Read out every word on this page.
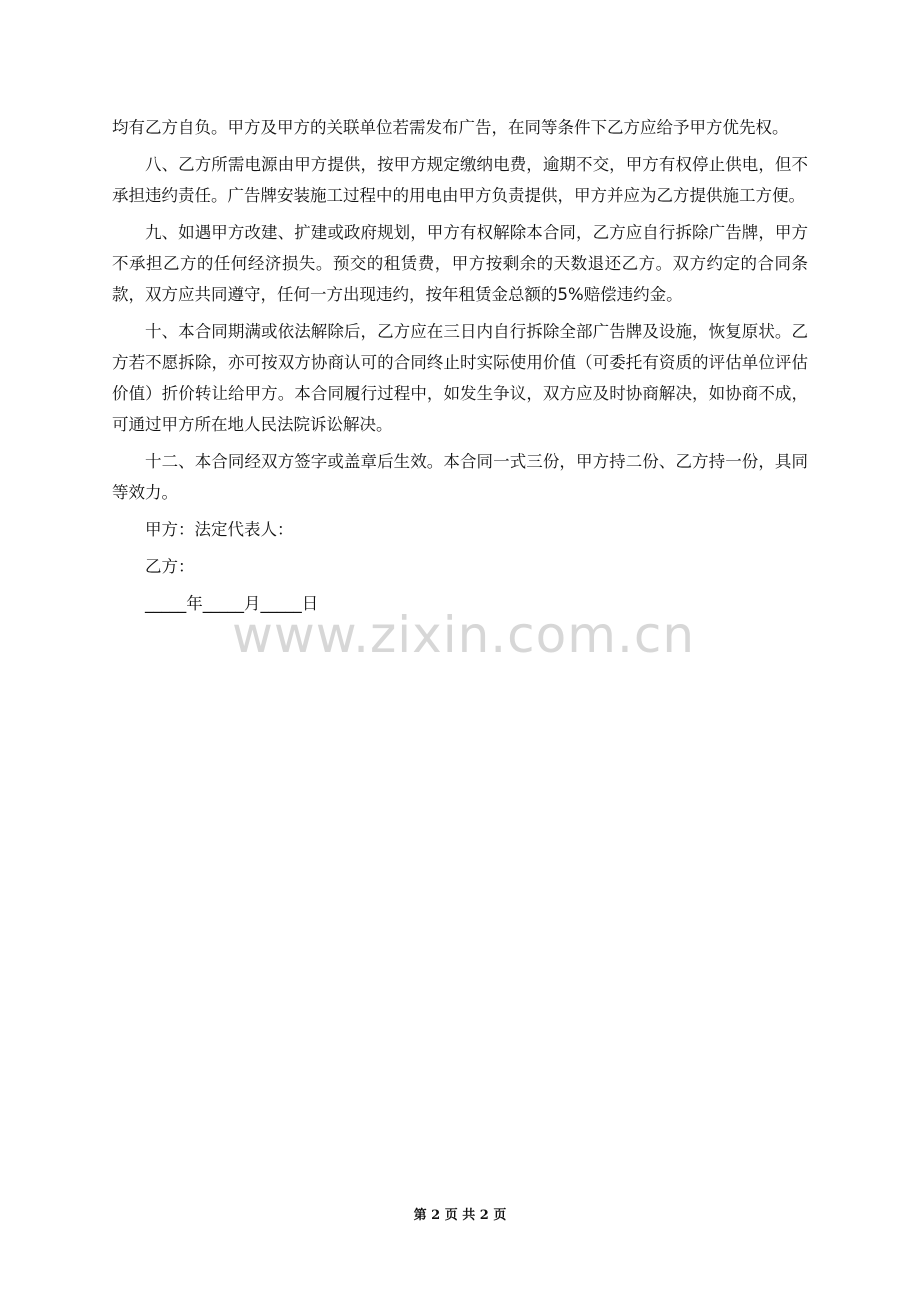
均有乙方自负。甲方及甲方的关联单位若需发布广告，在同等条件下乙方应给予甲方优先权。

八、乙方所需电源由甲方提供，按甲方规定缴纳电费，逾期不交，甲方有权停止供电，但不承担违约责任。广告牌安装施工过程中的用电由甲方负责提供，甲方并应为乙方提供施工方便。

九、如遇甲方改建、扩建或政府规划，甲方有权解除本合同，乙方应自行拆除广告牌，甲方不承担乙方的任何经济损失。预交的租赁费，甲方按剩余的天数退还乙方。双方约定的合同条款，双方应共同遵守，任何一方出现违约，按年租赁金总额的5%赔偿违约金。

十、本合同期满或依法解除后，乙方应在三日内自行拆除全部广告牌及设施，恢复原状。乙方若不愿拆除，亦可按双方协商认可的合同终止时实际使用价值（可委托有资质的评估单位评估价值）折价转让给甲方。本合同履行过程中，如发生争议，双方应及时协商解决，如协商不成，可通过甲方所在地人民法院诉讼解决。

十二、本合同经双方签字或盖章后生效。本合同一式三份，甲方持二份、乙方持一份，具同等效力。

甲方：法定代表人：

乙方：

_____年_____月_____日

www.zixin.com.cn
第 2 页 共 2 页
